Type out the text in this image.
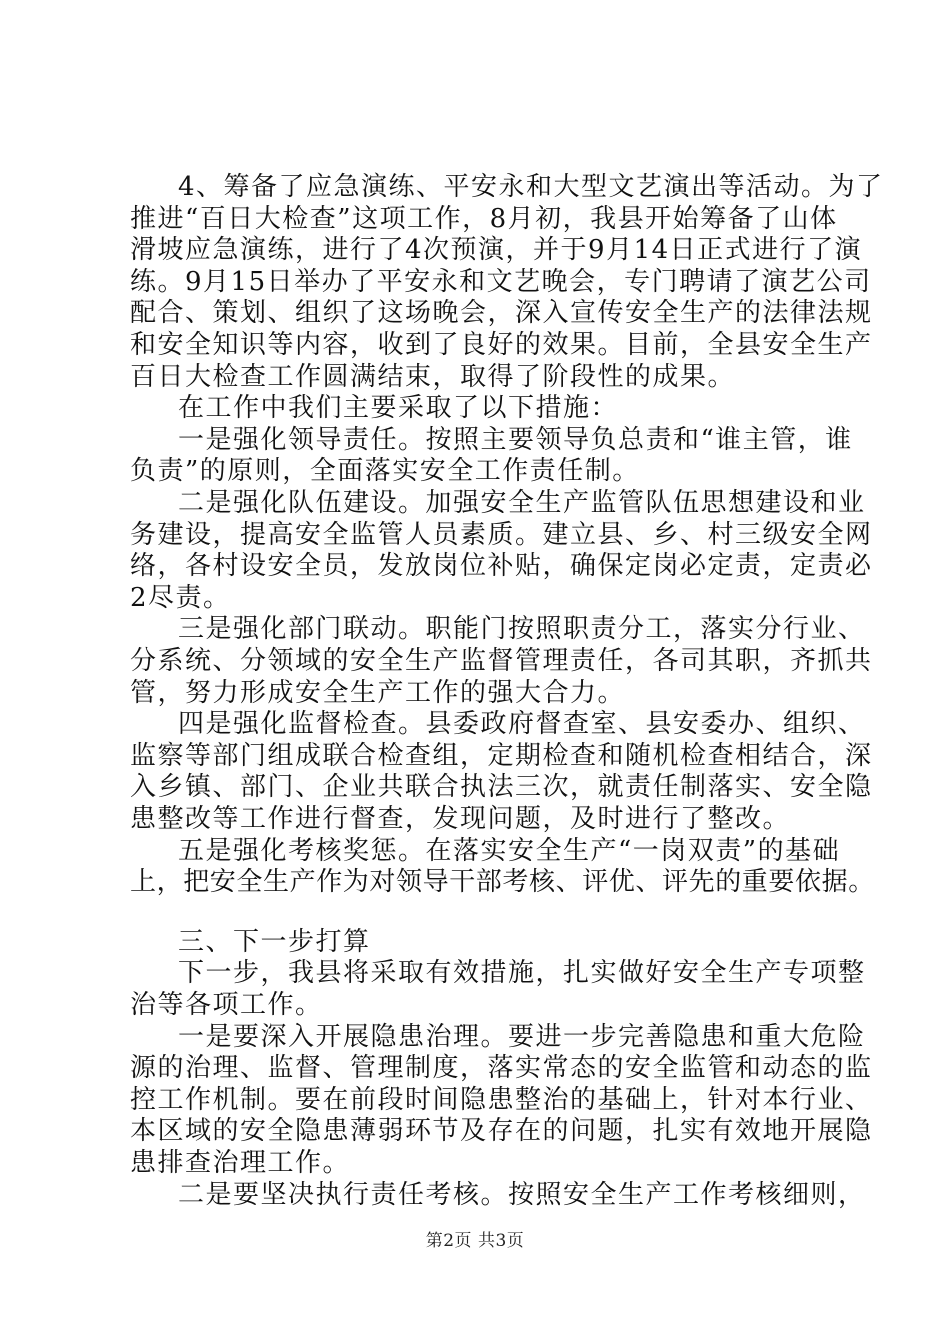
4、筹备了应急演练、平安永和大型文艺演出等活动。为了
推进“百日大检查”这项工作，8月初，我县开始筹备了山体
滑坡应急演练，进行了4次预演，并于9月14日正式进行了演
练。9月15日举办了平安永和文艺晚会，专门聘请了演艺公司
配合、策划、组织了这场晚会，深入宣传安全生产的法律法规
和安全知识等内容，收到了良好的效果。目前，全县安全生产
百日大检查工作圆满结束，取得了阶段性的成果。
在工作中我们主要采取了以下措施：
一是强化领导责任。按照主要领导负总责和“谁主管，谁
负责”的原则，全面落实安全工作责任制。
二是强化队伍建设。加强安全生产监管队伍思想建设和业
务建设，提高安全监管人员素质。建立县、乡、村三级安全网
络，各村设安全员，发放岗位补贴，确保定岗必定责，定责必
2尽责。
三是强化部门联动。职能门按照职责分工，落实分行业、
分系统、分领域的安全生产监督管理责任，各司其职，齐抓共
管，努力形成安全生产工作的强大合力。
四是强化监督检查。县委政府督查室、县安委办、组织、
监察等部门组成联合检查组，定期检查和随机检查相结合，深
入乡镇、部门、企业共联合执法三次，就责任制落实、安全隐
患整改等工作进行督查，发现问题，及时进行了整改。
五是强化考核奖惩。在落实安全生产“一岗双责”的基础
上，把安全生产作为对领导干部考核、评优、评先的重要依据。
三、下一步打算
下一步，我县将采取有效措施，扎实做好安全生产专项整
治等各项工作。
一是要深入开展隐患治理。要进一步完善隐患和重大危险
源的治理、监督、管理制度，落实常态的安全监管和动态的监
控工作机制。要在前段时间隐患整治的基础上，针对本行业、
本区域的安全隐患薄弱环节及存在的问题，扎实有效地开展隐
患排查治理工作。
二是要坚决执行责任考核。按照安全生产工作考核细则，
第2页 共3页
